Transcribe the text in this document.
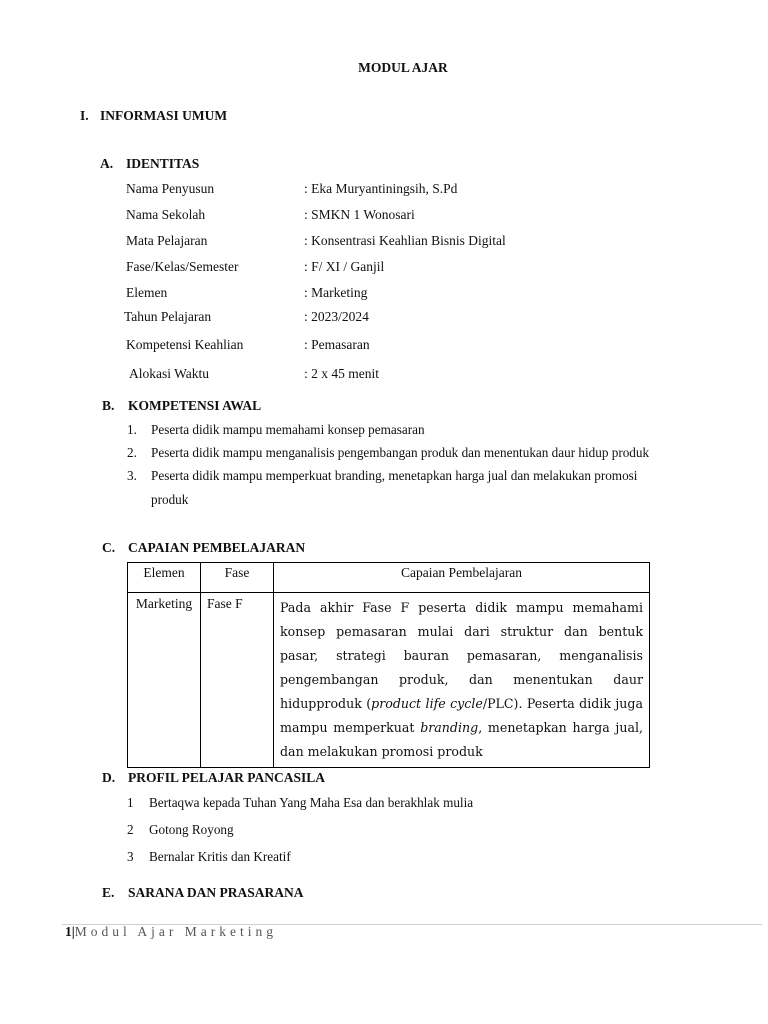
MODUL AJAR
I. INFORMASI UMUM
A. IDENTITAS
Nama Penyusun	: Eka Muryantiningsih, S.Pd
Nama Sekolah	: SMKN 1 Wonosari
Mata Pelajaran	: Konsentrasi Keahlian Bisnis Digital
Fase/Kelas/Semester	: F/ XI / Ganjil
Elemen	: Marketing
Tahun Pelajaran	: 2023/2024
Kompetensi Keahlian	: Pemasaran
Alokasi Waktu	: 2 x 45 menit
B. KOMPETENSI AWAL
1. Peserta didik mampu memahami konsep pemasaran
2. Peserta didik mampu menganalisis pengembangan produk dan menentukan daur hidup produk
3. Peserta didik mampu memperkuat branding, menetapkan harga jual dan melakukan promosi
produk
C. CAPAIAN PEMBELAJARAN
Elemen	Fase	Capaian Pembelajaran
Marketing	Fase F	Pada akhir Fase F peserta didik mampu memahami konsep pemasaran mulai dari struktur dan bentuk pasar, strategi bauran pemasaran, menganalisis pengembangan produk, dan menentukan daur hidupproduk (product life cycle/PLC). Peserta didik juga mampu memperkuat branding, menetapkan harga jual, dan melakukan promosi produk
D. PROFIL PELAJAR PANCASILA
1 Bertaqwa kepada Tuhan Yang Maha Esa dan berakhlak mulia
2 Gotong Royong
3 Bernalar Kritis dan Kreatif
E. SARANA DAN PRASARANA
1|Modul Ajar Marketing
